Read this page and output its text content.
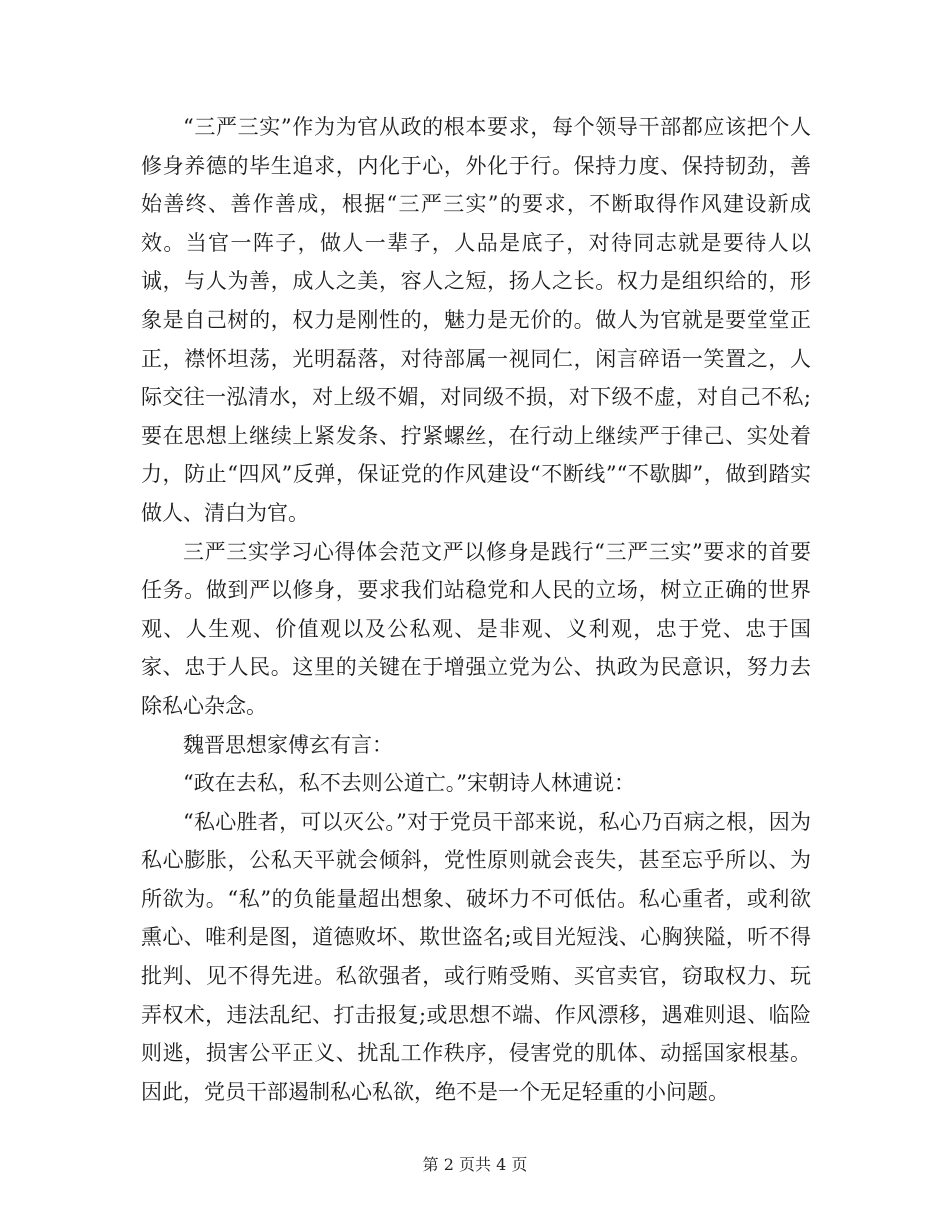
“三严三实”作为为官从政的根本要求，每个领导干部都应该把个人修身养德的毕生追求，内化于心，外化于行。保持力度、保持韧劲，善始善终、善作善成，根据“三严三实”的要求，不断取得作风建设新成效。当官一阵子，做人一辈子，人品是底子，对待同志就是要待人以诚，与人为善，成人之美，容人之短，扬人之长。权力是组织给的，形象是自己树的，权力是刚性的，魅力是无价的。做人为官就是要堂堂正正，襟怀坦荡，光明磊落，对待部属一视同仁，闲言碎语一笑置之，人际交往一泓清水，对上级不媚，对同级不损，对下级不虚，对自己不私;要在思想上继续上紧发条、拧紧螺丝，在行动上继续严于律己、实处着力，防止“四风”反弹，保证党的作风建设“不断线”“不歇脚”，做到踏实做人、清白为官。

三严三实学习心得体会范文严以修身是践行“三严三实”要求的首要任务。做到严以修身，要求我们站稳党和人民的立场，树立正确的世界观、人生观、价值观以及公私观、是非观、义利观，忠于党、忠于国家、忠于人民。这里的关键在于增强立党为公、执政为民意识，努力去除私心杂念。

魏晋思想家傅玄有言：

“政在去私，私不去则公道亡。”宋朝诗人林逋说：

“私心胜者，可以灭公。”对于党员干部来说，私心乃百病之根，因为私心膨胀，公私天平就会倾斜，党性原则就会丧失，甚至忘乎所以、为所欲为。“私”的负能量超出想象、破坏力不可低估。私心重者，或利欲熏心、唯利是图，道德败坏、欺世盗名;或目光短浅、心胸狭隘，听不得批判、见不得先进。私欲强者，或行贿受贿、买官卖官，窃取权力、玩弄权术，违法乱纪、打击报复;或思想不端、作风漂移，遇难则退、临险则逃，损害公平正义、扰乱工作秩序，侵害党的肌体、动摇国家根基。因此，党员干部遏制私心私欲，绝不是一个无足轻重的小问题。

第 2 页共 4 页
